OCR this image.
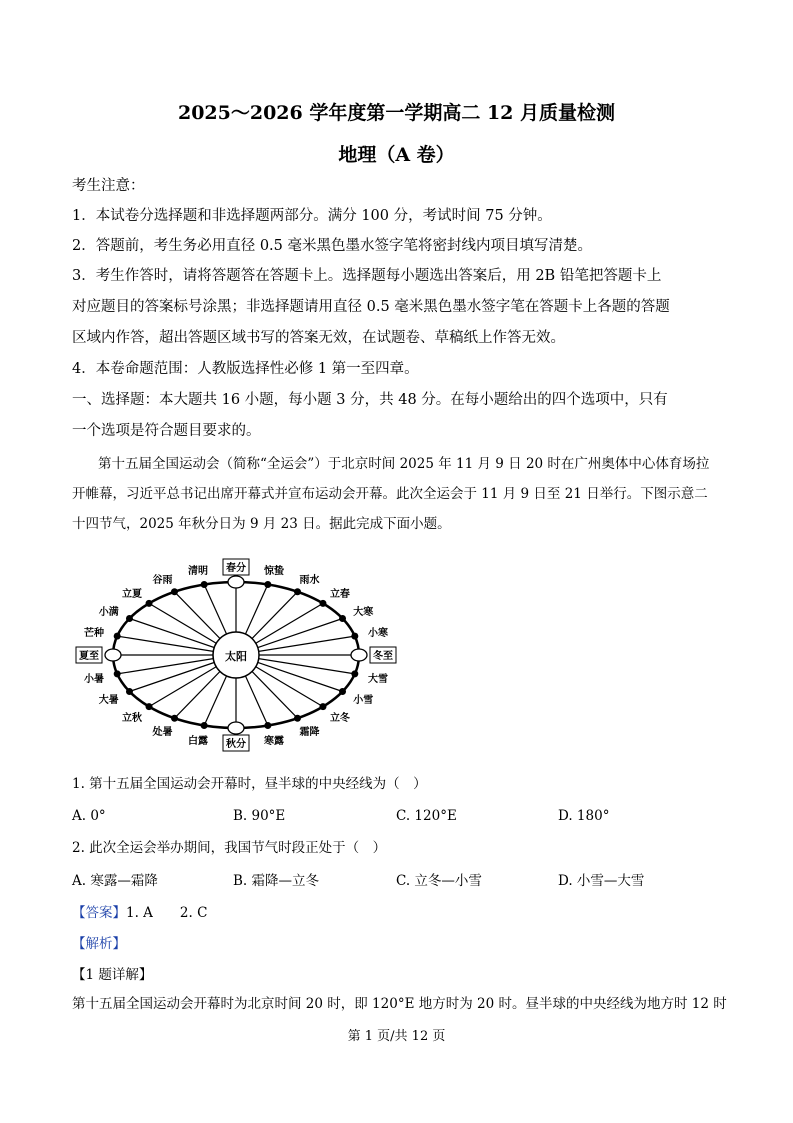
2025～2026 学年度第一学期高二 12 月质量检测
地理（A 卷）
考生注意：
1．本试卷分选择题和非选择题两部分。满分 100 分，考试时间 75 分钟。
2．答题前，考生务必用直径 0.5 毫米黑色墨水签字笔将密封线内项目填写清楚。
3．考生作答时，请将答题答在答题卡上。选择题每小题选出答案后，用 2B 铅笔把答题卡上
对应题目的答案标号涂黑；非选择题请用直径 0.5 毫米黑色墨水签字笔在答题卡上各题的答题
区域内作答，超出答题区域书写的答案无效，在试题卷、草稿纸上作答无效。
4．本卷命题范围：人教版选择性必修 1 第一至四章。
一、选择题：本大题共 16 小题，每小题 3 分，共 48 分。在每小题给出的四个选项中，只有
一个选项是符合题目要求的。
第十五届全国运动会（简称“全运会”）于北京时间 2025 年 11 月 9 日 20 时在广州奥体中心体育场拉
开帷幕，习近平总书记出席开幕式并宣布运动会开幕。此次全运会于 11 月 9 日至 21 日举行。下图示意二
十四节气，2025 年秋分日为 9 月 23 日。据此完成下面小题。
太阳
春分 惊蛰
雨水
立春
大寒
小寒
冬至
大雪
小雪
立冬
霜降
寒露
秋分
白露
处暑
立秋
大暑
小暑
夏至
芒种
小满
立夏
谷雨
清明
1. 第十五届全国运动会开幕时，昼半球的中央经线为（　）
A. 0°	B. 90°E	C. 120°E	D. 180°
2. 此次全运会举办期间，我国节气时段正处于（　）
A. 寒露—霜降	B. 霜降—立冬	C. 立冬—小雪	D. 小雪—大雪
【答案】1. A　　2. C
【解析】
【1 题详解】
第十五届全国运动会开幕时为北京时间 20 时，即 120°E 地方时为 20 时。昼半球的中央经线为地方时 12 时
第 1 页/共 12 页
